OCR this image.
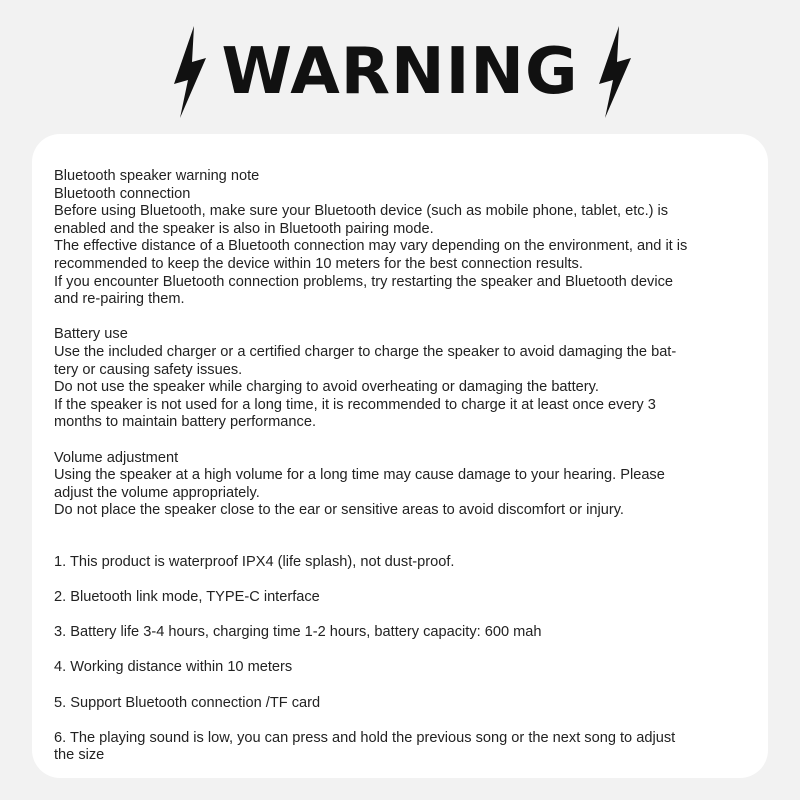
WARNING

Bluetooth speaker warning note

Bluetooth connection

Before using Bluetooth, make sure your Bluetooth device (such as mobile phone, tablet, etc.) is

enabled and the speaker is also in Bluetooth pairing mode.

The effective distance of a Bluetooth connection may vary depending on the environment, and it is

recommended to keep the device within 10 meters for the best connection results.

If you encounter Bluetooth connection problems, try restarting the speaker and Bluetooth device

and re-pairing them.

Battery use

Use the included charger or a certified charger to charge the speaker to avoid damaging the bat-

tery or causing safety issues.

Do not use the speaker while charging to avoid overheating or damaging the battery.

If the speaker is not used for a long time, it is recommended to charge it at least once every 3

months to maintain battery performance.

Volume adjustment

Using the speaker at a high volume for a long time may cause damage to your hearing. Please

adjust the volume appropriately.

Do not place the speaker close to the ear or sensitive areas to avoid discomfort or injury.

1. This product is waterproof IPX4 (life splash), not dust-proof.

2. Bluetooth link mode, TYPE-C interface

3. Battery life 3-4 hours, charging time 1-2 hours, battery capacity: 600 mah

4. Working distance within 10 meters

5. Support Bluetooth connection /TF card

6. The playing sound is low, you can press and hold the previous song or the next song to adjust

the size
